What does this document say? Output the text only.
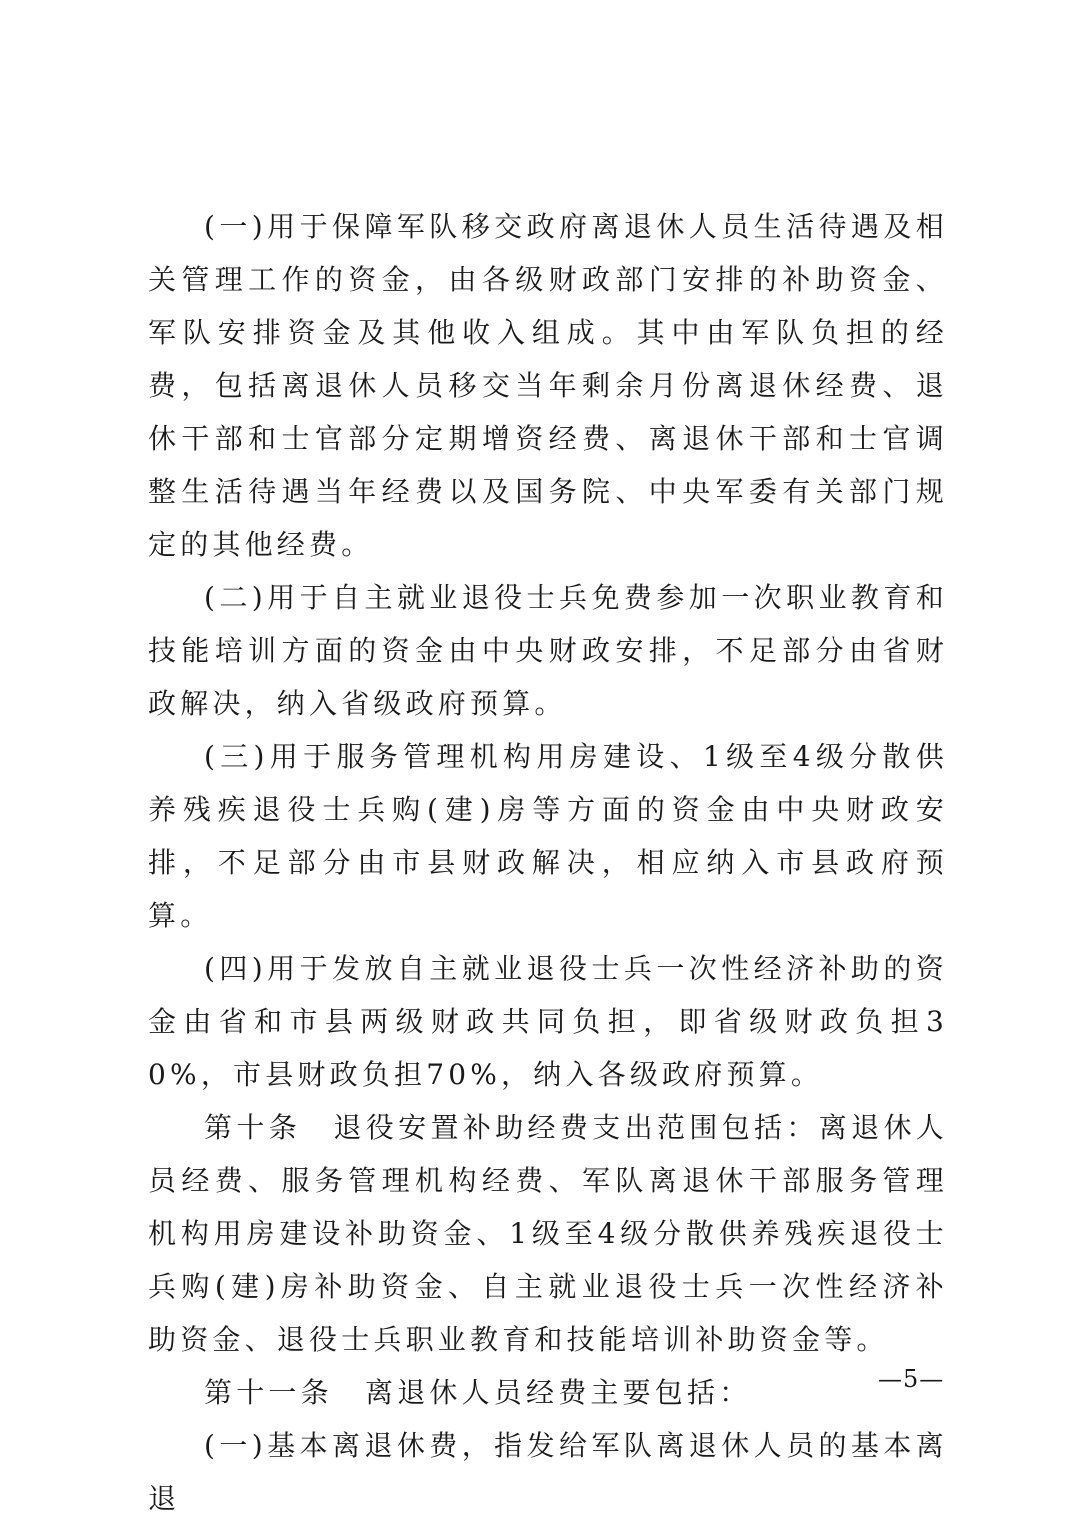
(一)用于保障军队移交政府离退休人员生活待遇及相关管理工作的资金，由各级财政部门安排的补助资金、军队安排资金及其他收入组成。其中由军队负担的经费，包括离退休人员移交当年剩余月份离退休经费、退休干部和士官部分定期增资经费、离退休干部和士官调整生活待遇当年经费以及国务院、中央军委有关部门规定的其他经费。

(二)用于自主就业退役士兵免费参加一次职业教育和技能培训方面的资金由中央财政安排，不足部分由省财政解决，纳入省级政府预算。

(三)用于服务管理机构用房建设、1级至4级分散供养残疾退役士兵购(建)房等方面的资金由中央财政安排，不足部分由市县财政解决，相应纳入市县政府预算。

(四)用于发放自主就业退役士兵一次性经济补助的资金由省和市县两级财政共同负担，即省级财政负担30%，市县财政负担70%，纳入各级政府预算。

第十条　退役安置补助经费支出范围包括：离退休人员经费、服务管理机构经费、军队离退休干部服务管理机构用房建设补助资金、1级至4级分散供养残疾退役士兵购(建)房补助资金、自主就业退役士兵一次性经济补助资金、退役士兵职业教育和技能培训补助资金等。

第十一条　离退休人员经费主要包括：

(一)基本离退休费，指发给军队离退休人员的基本离退

—5—
